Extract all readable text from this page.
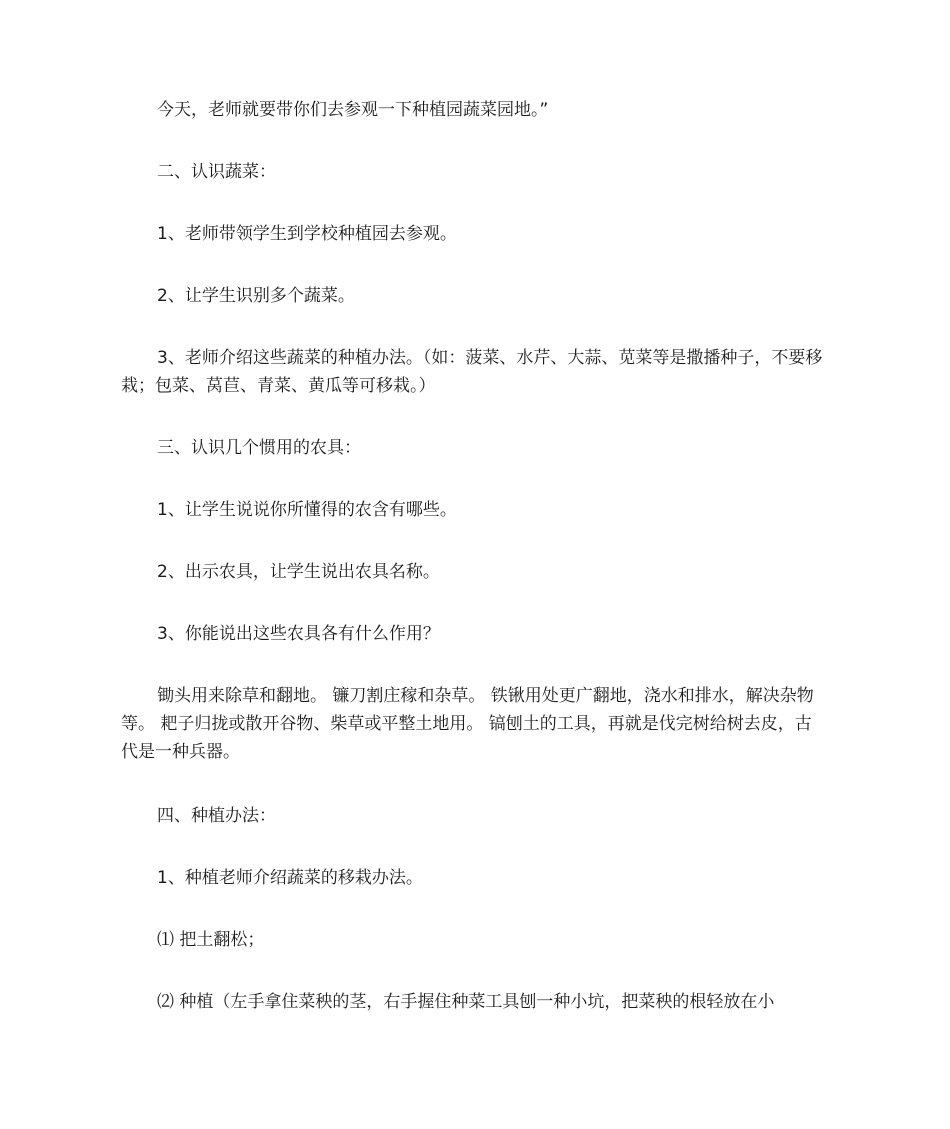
今天，老师就要带你们去参观一下种植园蔬菜园地。”

二、认识蔬菜：

1、老师带领学生到学校种植园去参观。

2、让学生识别多个蔬菜。

3、老师介绍这些蔬菜的种植办法。（如：菠菜、水芹、大蒜、苋菜等是撒播种子，不要移栽；包菜、莴苣、青菜、黄瓜等可移栽。）

三、认识几个惯用的农具：

1、让学生说说你所懂得的农含有哪些。

2、出示农具，让学生说出农具名称。

3、你能说出这些农具各有什么作用？

锄头用来除草和翻地。 镰刀割庄稼和杂草。 铁锹用处更广翻地，浇水和排水，解决杂物等。 耙子归拢或散开谷物、柴草或平整土地用。 镐刨土的工具，再就是伐完树给树去皮，古代是一种兵器。

四、种植办法：

1、种植老师介绍蔬菜的移栽办法。

⑴ 把土翻松；

⑵ 种植（左手拿住菜秧的茎，右手握住种菜工具刨一种小坑，把菜秧的根轻放在小
